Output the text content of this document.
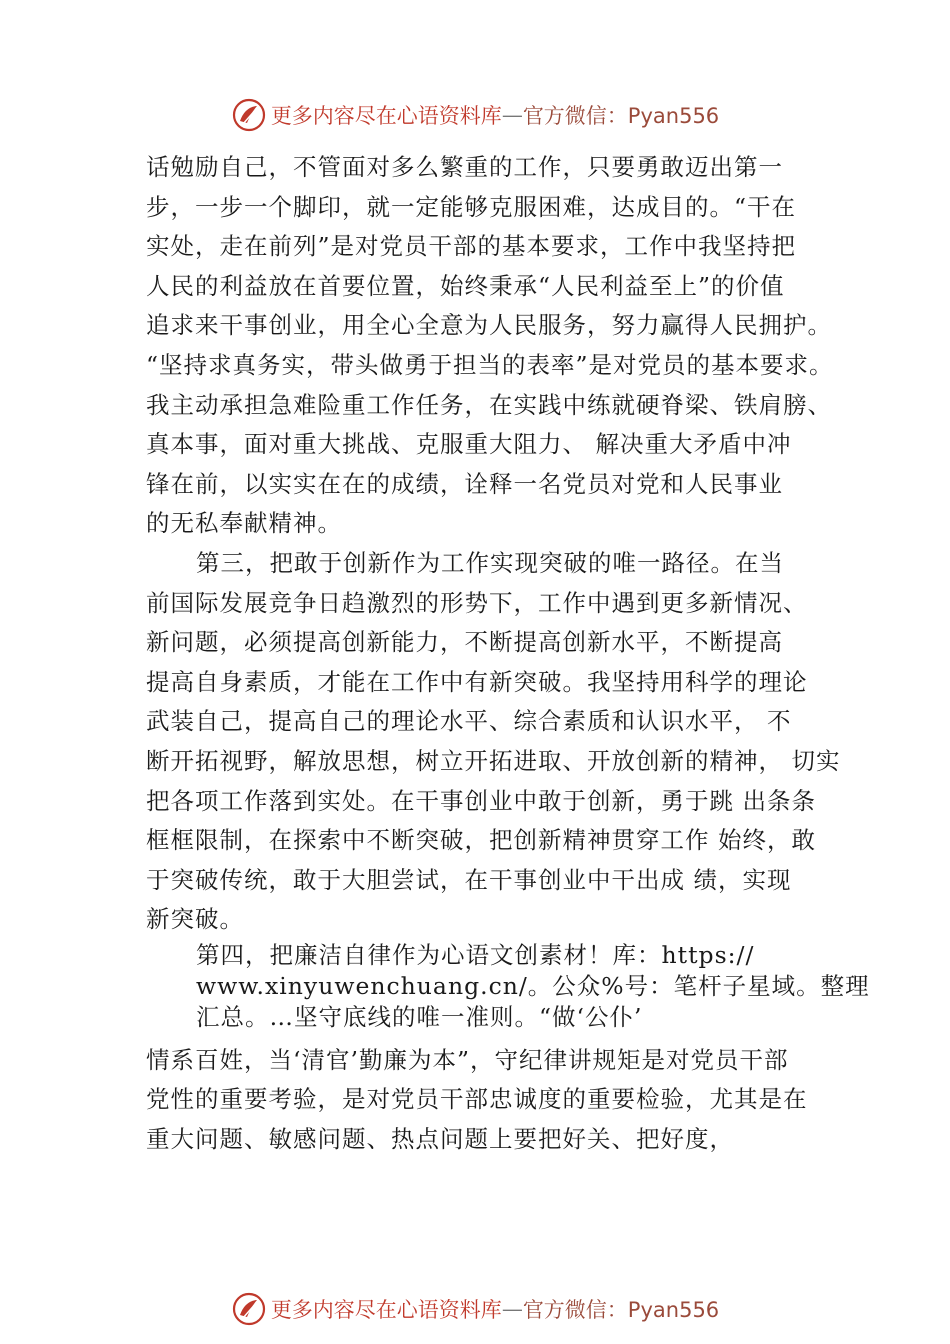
更多内容尽在心语资料库 — 官方微信：Pyan556
话勉励自己，不管面对多么繁重的工作，只要勇敢迈出第一
步，一步一个脚印，就一定能够克服困难，达成目的。“干在
实处，走在前列”是对党员干部的基本要求，工作中我坚持把
人民的利益放在首要位置，始终秉承“人民利益至上”的价值
追求来干事创业，用全心全意为人民服务，努力赢得人民拥护。
“坚持求真务实，带头做勇于担当的表率”是对党员的基本要求。
我主动承担急难险重工作任务，在实践中练就硬脊梁、铁肩膀、
真本事，面对重大挑战、克服重大阻力、 解决重大矛盾中冲
锋在前，以实实在在的成绩，诠释一名党员对党和人民事业
的无私奉献精神。
第三，把敢于创新作为工作实现突破的唯一路径。在当
前国际发展竞争日趋激烈的形势下，工作中遇到更多新情况、
新问题，必须提高创新能力，不断提高创新水平，不断提高
提高自身素质，才能在工作中有新突破。我坚持用科学的理论
武装自己，提高自己的理论水平、综合素质和认识水平， 不
断开拓视野，解放思想，树立开拓进取、开放创新的精神， 切实
把各项工作落到实处。在干事创业中敢于创新，勇于跳 出条条
框框限制，在探索中不断突破，把创新精神贯穿工作 始终，敢
于突破传统，敢于大胆尝试，在干事创业中干出成 绩，实现
新突破。
第四，把廉洁自律作为心语文创素材！库：https://
www.xinyuwenchuang.cn/。公众%号：笔杆子星域。整理
汇总。…坚守底线的唯一准则。“做‘公仆’
情系百姓，当‘清官’勤廉为本”，守纪律讲规矩是对党员干部
党性的重要考验，是对党员干部忠诚度的重要检验，尤其是在
重大问题、敏感问题、热点问题上要把好关、把好度，
更多内容尽在心语资料库 — 官方微信：Pyan556
